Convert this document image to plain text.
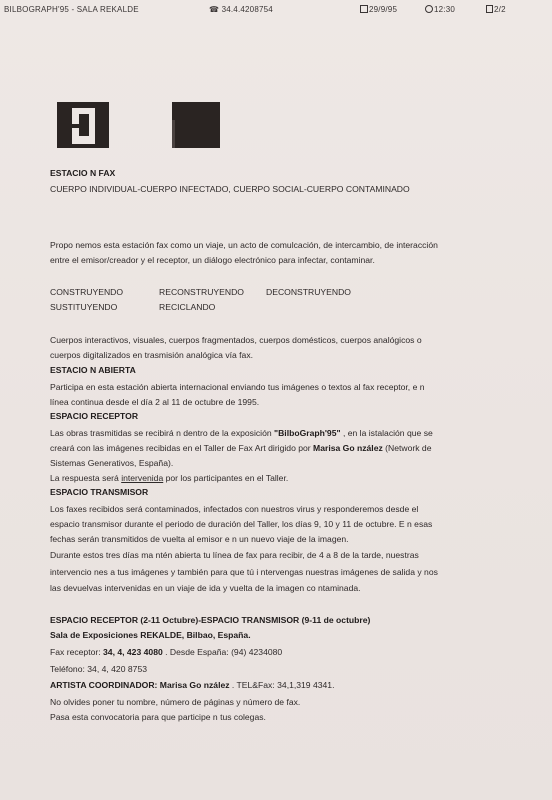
BILBOGRAPH'95 - SALA REKALDE	☎ 34.4.4208754	29/9/95	12:30	2/2
ESTACIO N FAX
CUERPO INDIVIDUAL-CUERPO INFECTADO, CUERPO SOCIAL-CUERPO CONTAMINADO
Propo nemos esta estación fax como un viaje, un acto de comulcación, de intercambio, de interacción
entre el emisor/creador y el receptor, un diálogo electrónico para infectar, contaminar.
CONSTRUYENDO	RECONSTRUYENDO	DECONSTRUYENDO
SUSTITUYENDO	RECICLANDO
Cuerpos interactivos, visuales, cuerpos fragmentados, cuerpos domésticos, cuerpos analógicos o
cuerpos digitalizados en trasmisión analógica vía fax.
ESTACIO N ABIERTA
Participa en esta estación abierta internacional enviando tus imágenes o textos al fax receptor, e n
línea continua desde el día 2 al 11 de octubre de 1995.
ESPACIO RECEPTOR
Las obras trasmitidas se recibirá n dentro de la exposición "BilboGraph'95" , en la istalación que se
creará con las imágenes recibidas en el Taller de Fax Art dirigido por Marisa Go nzález (Network de
Sistemas Generativos, España).
La respuesta será intervenida por los participantes en el Taller.
ESPACIO TRANSMISOR
Los faxes recibidos será contaminados, infectados con nuestros virus y responderemos desde el
espacio transmisor durante el periodo de duración del Taller, los días 9, 10 y 11 de octubre. E n esas
fechas serán transmitidos de vuelta al emisor e n un nuevo viaje de la imagen.
Durante estos tres días ma ntén abierta tu línea de fax para recibir, de 4 a 8 de la tarde, nuestras
intervencio nes a tus imágenes y también para que tú i ntervengas nuestras imágenes de salida y nos
las devuelvas intervenidas en un viaje de ida y vuelta de la imagen co ntaminada.
ESPACIO RECEPTOR (2-11 Octubre)-ESPACIO TRANSMISOR (9-11 de octubre)
Sala de Exposiciones REKALDE, Bilbao, España.
Fax receptor: 34, 4, 423 4080 . Desde España: (94) 4234080
Teléfono: 34, 4, 420 8753
ARTISTA COORDINADOR: Marisa Go nzález . TEL&Fax: 34,1,319 4341.
No olvides poner tu nombre, número de páginas y número de fax.
Pasa esta convocatoria para que participe n tus colegas.
